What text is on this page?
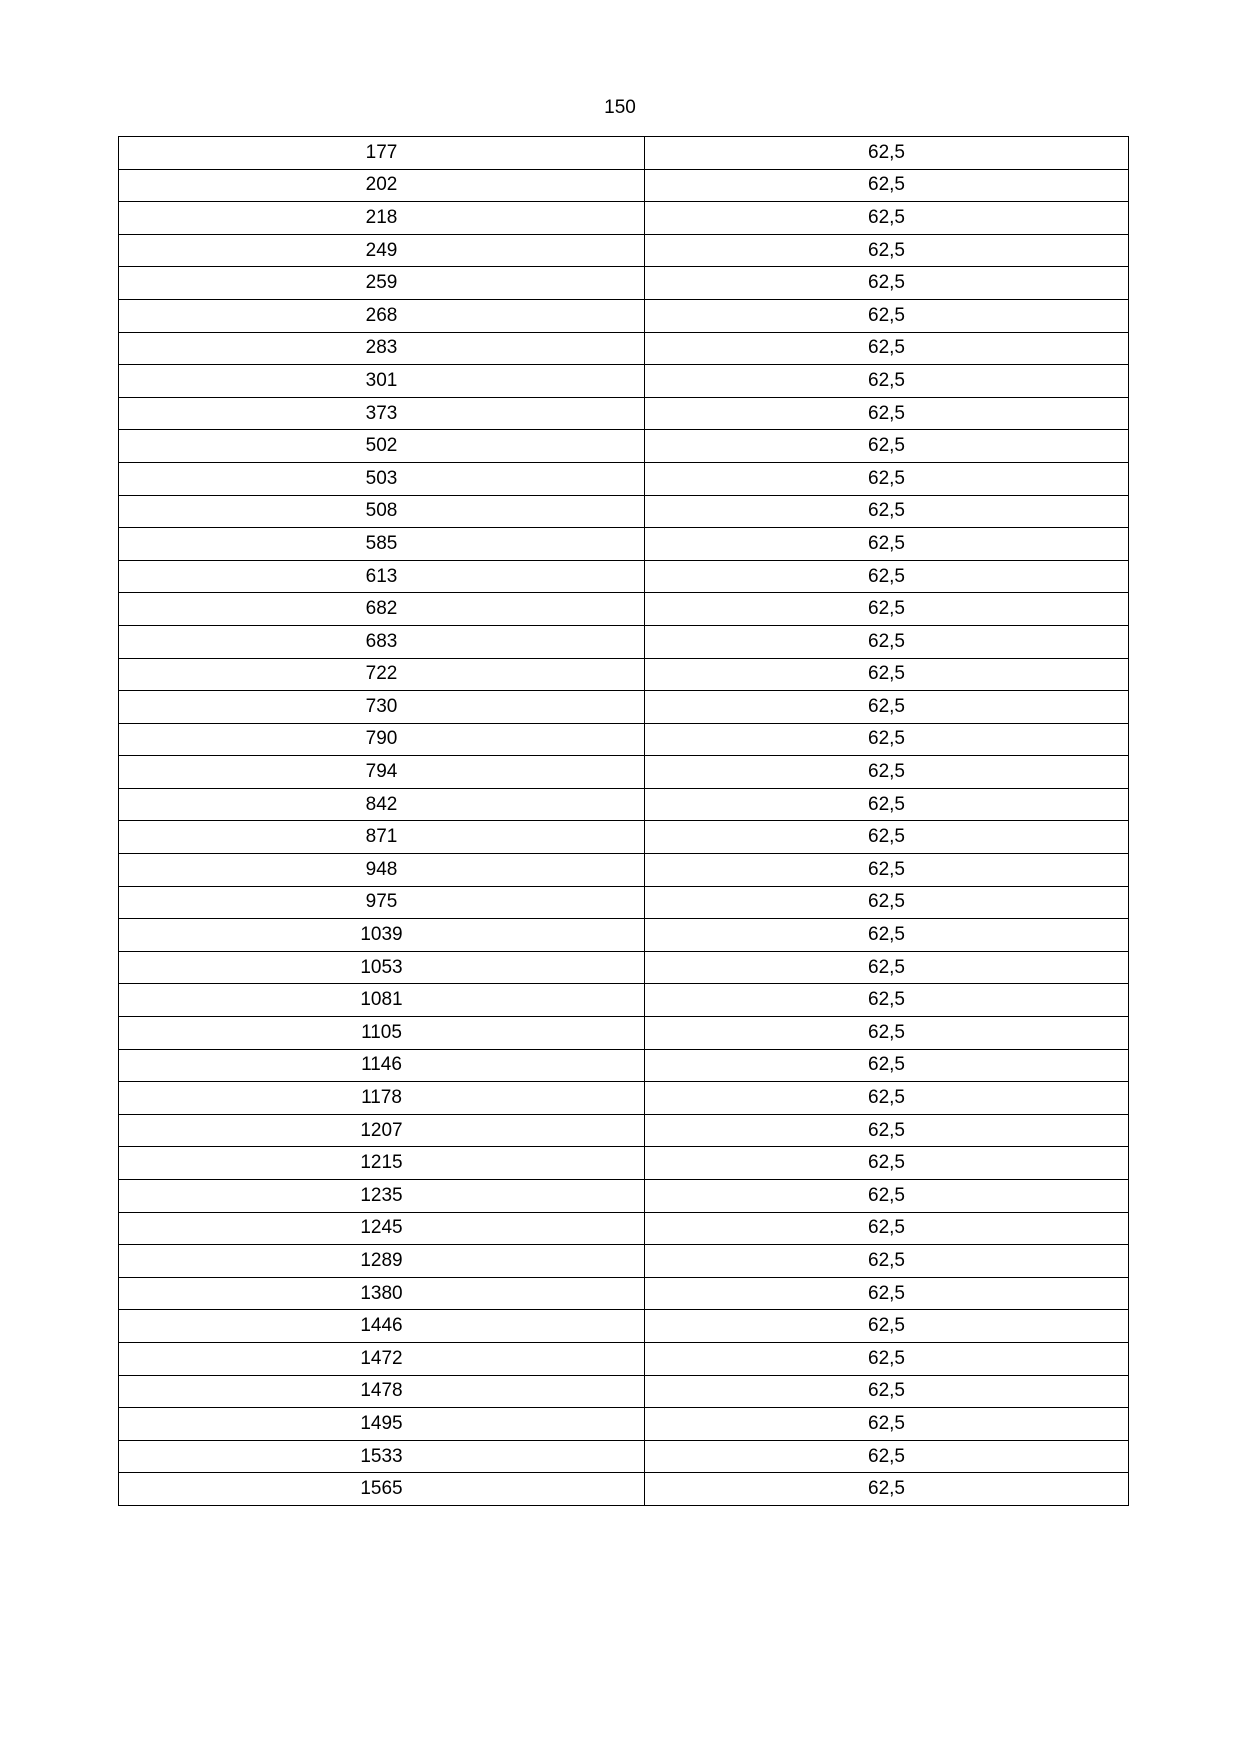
150
177	62,5
202	62,5
218	62,5
249	62,5
259	62,5
268	62,5
283	62,5
301	62,5
373	62,5
502	62,5
503	62,5
508	62,5
585	62,5
613	62,5
682	62,5
683	62,5
722	62,5
730	62,5
790	62,5
794	62,5
842	62,5
871	62,5
948	62,5
975	62,5
1039	62,5
1053	62,5
1081	62,5
1105	62,5
1146	62,5
1178	62,5
1207	62,5
1215	62,5
1235	62,5
1245	62,5
1289	62,5
1380	62,5
1446	62,5
1472	62,5
1478	62,5
1495	62,5
1533	62,5
1565	62,5
